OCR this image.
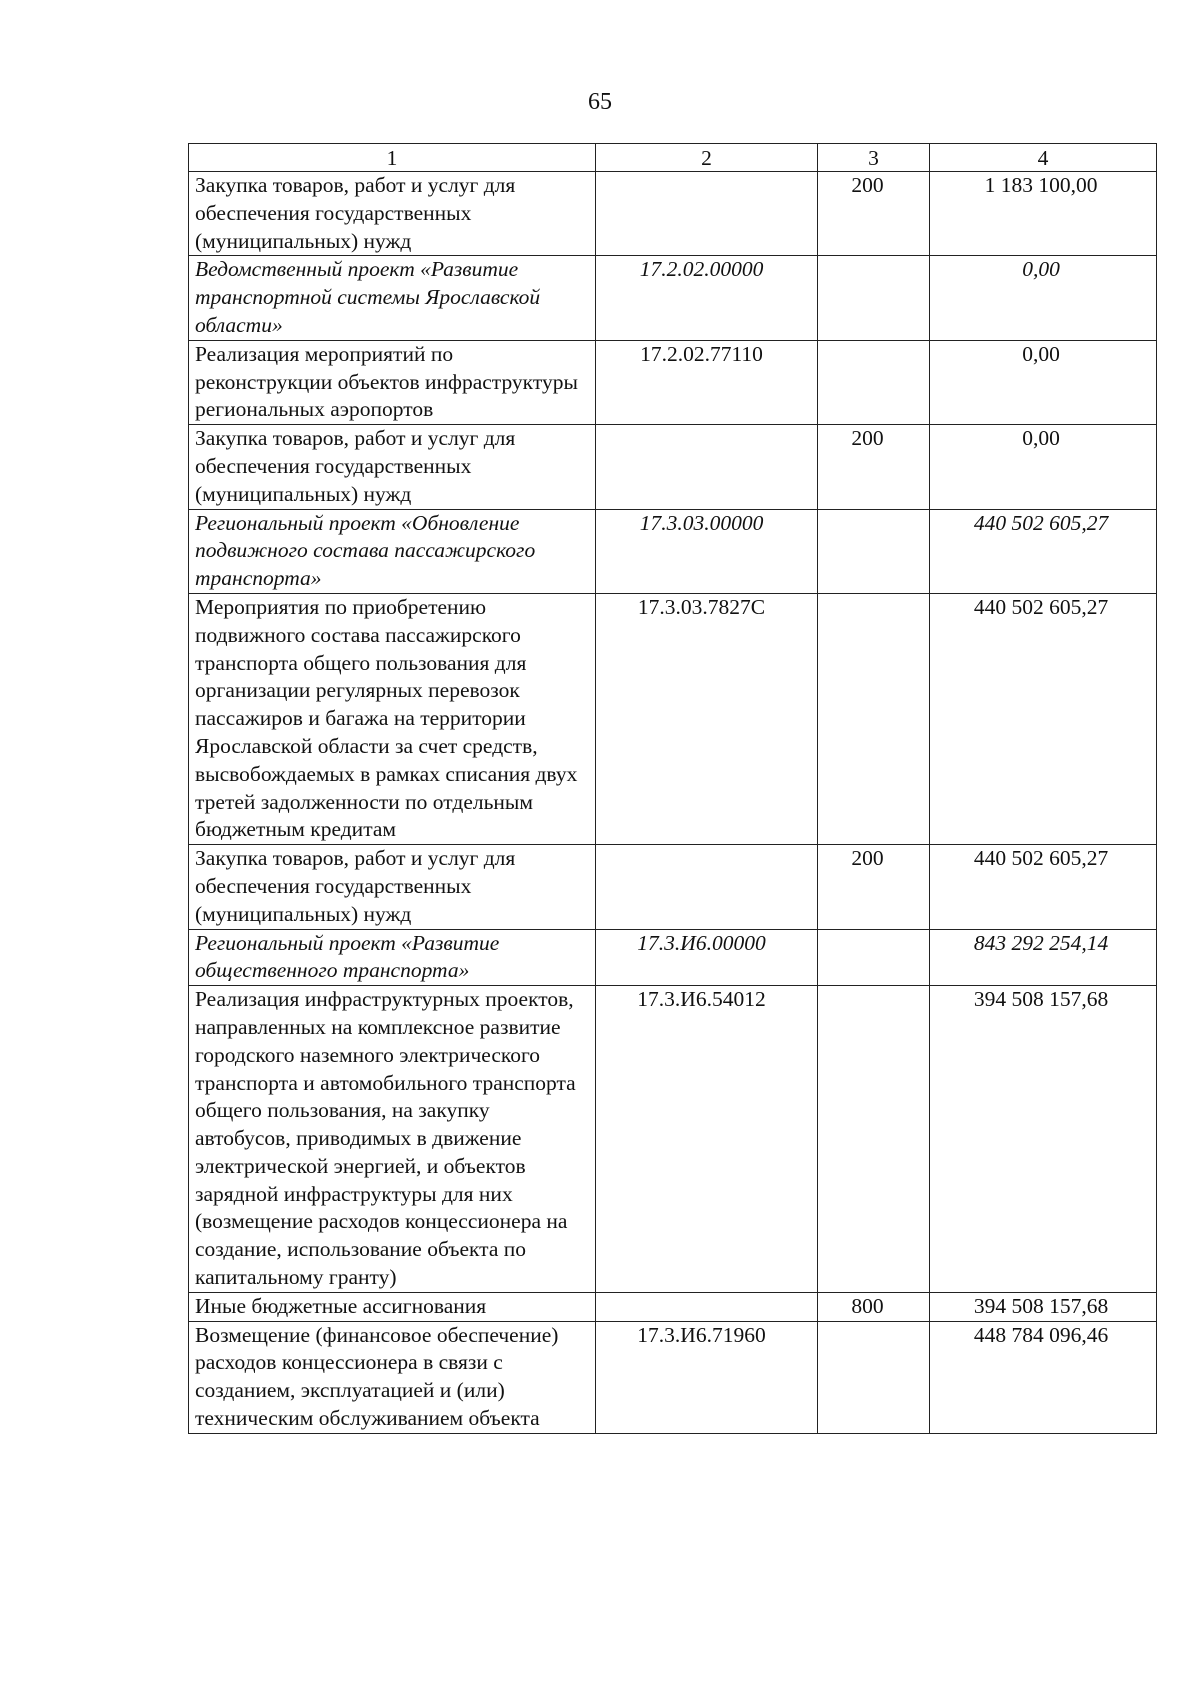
65
1	2	3	4
Закупка товаров, работ и услуг для обеспечения государственных (муниципальных) нужд		200	1 183 100,00
Ведомственный проект «Развитие транспортной системы Ярославской области»	17.2.02.00000		0,00
Реализация мероприятий по реконструкции объектов инфраструктуры региональных аэропортов	17.2.02.77110		0,00
Закупка товаров, работ и услуг для обеспечения государственных (муниципальных) нужд		200	0,00
Региональный проект «Обновление подвижного состава пассажирского транспорта»	17.3.03.00000		440 502 605,27
Мероприятия по приобретению подвижного состава пассажирского транспорта общего пользования для организации регулярных перевозок пассажиров и багажа на территории Ярославской области за счет средств, высвобождаемых в рамках списания двух третей задолженности по отдельным бюджетным кредитам	17.3.03.7827С		440 502 605,27
Закупка товаров, работ и услуг для обеспечения государственных (муниципальных) нужд		200	440 502 605,27
Региональный проект «Развитие общественного транспорта»	17.3.И6.00000		843 292 254,14
Реализация инфраструктурных проектов, направленных на комплексное развитие городского наземного электрического транспорта и автомобильного транспорта общего пользования, на закупку автобусов, приводимых в движение электрической энергией, и объектов зарядной инфраструктуры для них (возмещение расходов концессионера на создание, использование объекта по капитальному гранту)	17.3.И6.54012		394 508 157,68
Иные бюджетные ассигнования		800	394 508 157,68
Возмещение (финансовое обеспечение) расходов концессионера в связи с созданием, эксплуатацией и (или) техническим обслуживанием объекта	17.3.И6.71960		448 784 096,46
